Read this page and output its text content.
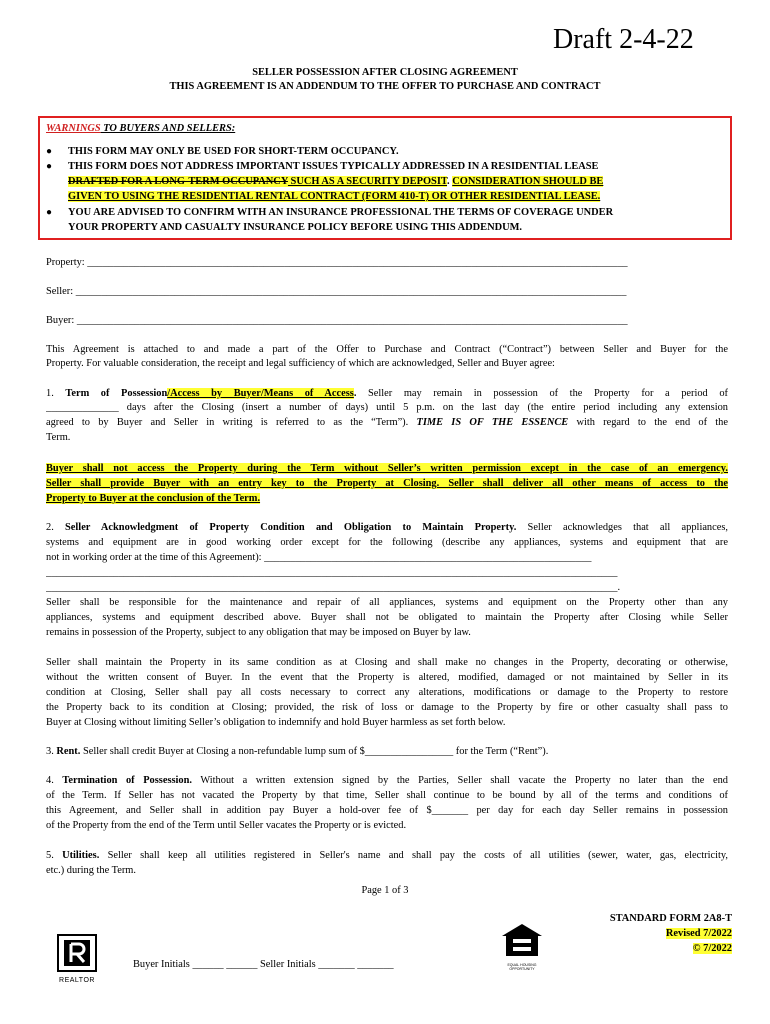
Draft 2-4-22
SELLER POSSESSION AFTER CLOSING AGREEMENT
THIS AGREEMENT IS AN ADDENDUM TO THE OFFER TO PURCHASE AND CONTRACT
WARNINGS TO BUYERS AND SELLERS:
● THIS FORM MAY ONLY BE USED FOR SHORT-TERM OCCUPANCY.
● THIS FORM DOES NOT ADDRESS IMPORTANT ISSUES TYPICALLY ADDRESSED IN A RESIDENTIAL LEASE
DRAFTED FOR A LONG-TERM OCCUPANCY SUCH AS A SECURITY DEPOSIT. CONSIDERATION SHOULD BE
GIVEN TO USING THE RESIDENTIAL RENTAL CONTRACT (FORM 410-T) OR OTHER RESIDENTIAL LEASE.
● YOU ARE ADVISED TO CONFIRM WITH AN INSURANCE PROFESSIONAL THE TERMS OF COVERAGE UNDER
YOUR PROPERTY AND CASUALTY INSURANCE POLICY BEFORE USING THIS ADDENDUM.
Property: ________________________________________________________________________________________________________
Seller: __________________________________________________________________________________________________________
Buyer: __________________________________________________________________________________________________________
This Agreement is attached to and made a part of the Offer to Purchase and Contract (“Contract”) between Seller and Buyer for the
Property. For valuable consideration, the receipt and legal sufficiency of which are acknowledged, Seller and Buyer agree:
1. Term of Possession/Access by Buyer/Means of Access. Seller may remain in possession of the Property for a period of
______________ days after the Closing (insert a number of days) until 5 p.m. on the last day (the entire period including any extension
agreed to by Buyer and Seller in writing is referred to as the “Term”). TIME IS OF THE ESSENCE with regard to the end of the
Term.
Buyer shall not access the Property during the Term without Seller’s written permission except in the case of an emergency.
Seller shall provide Buyer with an entry key to the Property at Closing. Seller shall deliver all other means of access to the
Property to Buyer at the conclusion of the Term.
2. Seller Acknowledgment of Property Condition and Obligation to Maintain Property. Seller acknowledges that all appliances,
systems and equipment are in good working order except for the following (describe any appliances, systems and equipment that are
not in working order at the time of this Agreement): _______________________________________________________________
______________________________________________________________________________________________________________
______________________________________________________________________________________________________________.
Seller shall be responsible for the maintenance and repair of all appliances, systems and equipment on the Property other than any
appliances, systems and equipment described above. Buyer shall not be obligated to maintain the Property after Closing while Seller
remains in possession of the Property, subject to any obligation that may be imposed on Buyer by law.
Seller shall maintain the Property in its same condition as at Closing and shall make no changes in the Property, decorating or otherwise,
without the written consent of Buyer. In the event that the Property is altered, modified, damaged or not maintained by Seller in its
condition at Closing, Seller shall pay all costs necessary to correct any alterations, modifications or damage to the Property to restore
the Property back to its condition at Closing; provided, the risk of loss or damage to the Property by fire or other casualty shall pass to
Buyer at Closing without limiting Seller’s obligation to indemnify and hold Buyer harmless as set forth below.
3. Rent. Seller shall credit Buyer at Closing a non-refundable lump sum of $_________________ for the Term (“Rent”).
4. Termination of Possession. Without a written extension signed by the Parties, Seller shall vacate the Property no later than the end
of the Term. If Seller has not vacated the Property by that time, Seller shall continue to be bound by all of the terms and conditions of
this Agreement, and Seller shall in addition pay Buyer a hold-over fee of $_______ per day for each day Seller remains in possession
of the Property from the end of the Term until Seller vacates the Property or is evicted.
5. Utilities. Seller shall keep all utilities registered in Seller's name and shall pay the costs of all utilities (sewer, water, gas, electricity,
etc.) during the Term.
Page 1 of 3
STANDARD FORM 2A8-T
Revised 7/2022
© 7/2022
Buyer Initials ______ ______ Seller Initials _______ _______
REALTOR
EQUAL HOUSING OPPORTUNITY
